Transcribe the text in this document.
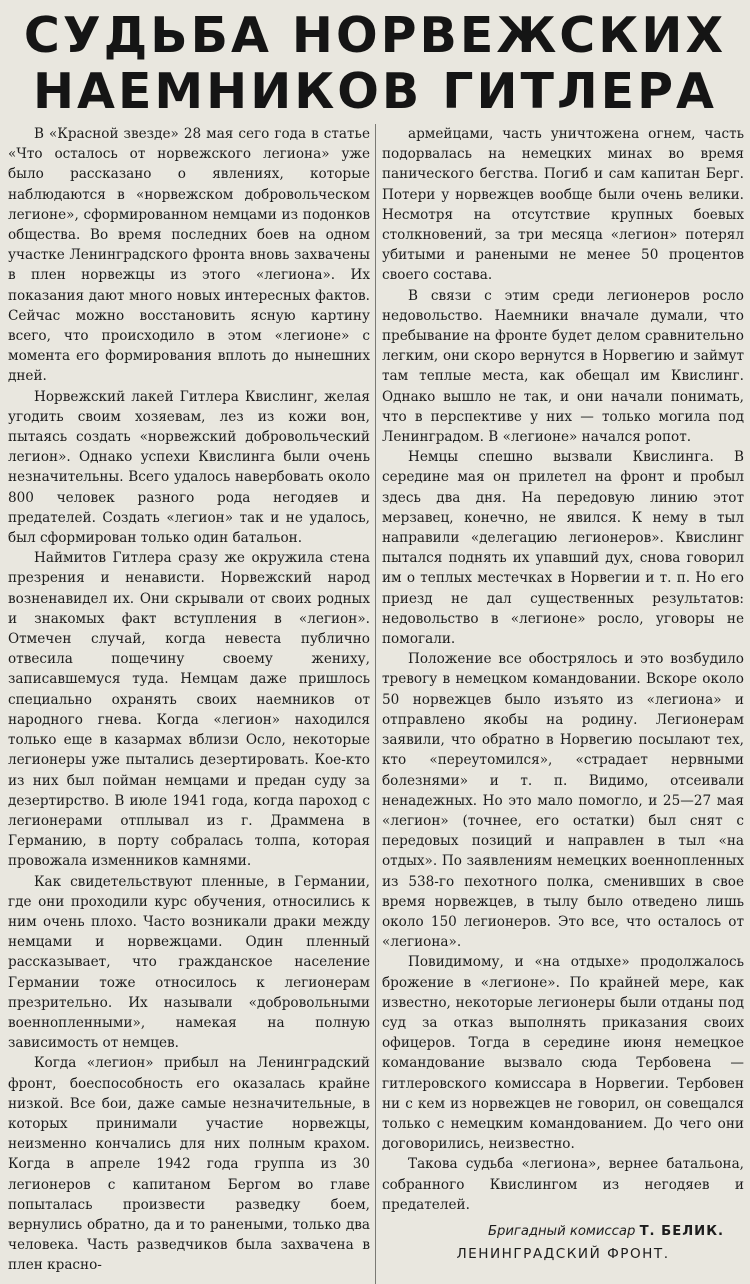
СУДЬБА НОРВЕЖСКИХ
НАЕМНИКОВ ГИТЛЕРА

В «Красной звезде» 28 мая сего года в статье «Что осталось от норвежского легиона» уже было рассказано о явлениях, которые наблюдаются в «норвежском добровольческом легионе», сформированном немцами из подонков общества. Во время последних боев на одном участке Ленинградского фронта вновь захвачены в плен норвежцы из этого «легиона». Их показания дают много новых интересных фактов. Сейчас можно восстановить ясную картину всего, что происходило в этом «легионе» с момента его формирования вплоть до нынешних дней.

Норвежский лакей Гитлера Квислинг, желая угодить своим хозяевам, лез из кожи вон, пытаясь создать «норвежский добровольческий легион». Однако успехи Квислинга были очень незначительны. Всего удалось навербовать около 800 человек разного рода негодяев и предателей. Создать «легион» так и не удалось, был сформирован только один батальон.

Наймитов Гитлера сразу же окружила стена презрения и ненависти. Норвежский народ возненавидел их. Они скрывали от своих родных и знакомых факт вступления в «легион». Отмечен случай, когда невеста публично отвесила пощечину своему жениху, записавшемуся туда. Немцам даже пришлось специально охранять своих наемников от народного гнева. Когда «легион» находился только еще в казармах вблизи Осло, некоторые легионеры уже пытались дезертировать. Кое-кто из них был пойман немцами и предан суду за дезертирство. В июле 1941 года, когда пароход с легионерами отплывал из г. Драммена в Германию, в порту собралась толпа, которая провожала изменников камнями.

Как свидетельствуют пленные, в Германии, где они проходили курс обучения, относились к ним очень плохо. Часто возникали драки между немцами и норвежцами. Один пленный рассказывает, что гражданское население Германии тоже относилось к легионерам презрительно. Их называли «добровольными военнопленными», намекая на полную зависимость от немцев.

Когда «легион» прибыл на Ленинградский фронт, боеспособность его оказалась крайне низкой. Все бои, даже самые незначительные, в которых принимали участие норвежцы, неизменно кончались для них полным крахом. Когда в апреле 1942 года группа из 30 легионеров с капитаном Бергом во главе попыталась произвести разведку боем, вернулись обратно, да и то ранеными, только два человека. Часть разведчиков была захвачена в плен красно-

армейцами, часть уничтожена огнем, часть подорвалась на немецких минах во время панического бегства. Погиб и сам капитан Берг. Потери у норвежцев вообще были очень велики. Несмотря на отсутствие крупных боевых столкновений, за три месяца «легион» потерял убитыми и ранеными не менее 50 процентов своего состава.

В связи с этим среди легионеров росло недовольство. Наемники вначале думали, что пребывание на фронте будет делом сравнительно легким, они скоро вернутся в Норвегию и займут там теплые места, как обещал им Квислинг. Однако вышло не так, и они начали понимать, что в перспективе у них — только могила под Ленинградом. В «легионе» начался ропот.

Немцы спешно вызвали Квислинга. В середине мая он прилетел на фронт и пробыл здесь два дня. На передовую линию этот мерзавец, конечно, не явился. К нему в тыл направили «делегацию легионеров». Квислинг пытался поднять их упавший дух, снова говорил им о теплых местечках в Норвегии и т. п. Но его приезд не дал существенных результатов: недовольство в «легионе» росло, уговоры не помогали.

Положение все обострялось и это возбудило тревогу в немецком командовании. Вскоре около 50 норвежцев было изъято из «легиона» и отправлено якобы на родину. Легионерам заявили, что обратно в Норвегию посылают тех, кто «переутомился», «страдает нервными болезнями» и т. п. Видимо, отсеивали ненадежных. Но это мало помогло, и 25—27 мая «легион» (точнее, его остатки) был снят с передовых позиций и направлен в тыл «на отдых». По заявлениям немецких военнопленных из 538-го пехотного полка, сменивших в свое время норвежцев, в тылу было отведено лишь около 150 легионеров. Это все, что осталось от «легиона».

Повидимому, и «на отдыхе» продолжалось брожение в «легионе». По крайней мере, как известно, некоторые легионеры были отданы под суд за отказ выполнять приказания своих офицеров. Тогда в середине июня немецкое командование вызвало сюда Тербовена — гитлеровского комиссара в Норвегии. Тербовен ни с кем из норвежцев не говорил, он совещался только с немецким командованием. До чего они договорились, неизвестно.

Такова судьба «легиона», вернее батальона, собранного Квислингом из негодяев и предателей.

Бригадный комиссар Т. БЕЛИК.
ЛЕНИНГРАДСКИЙ ФРОНТ.
